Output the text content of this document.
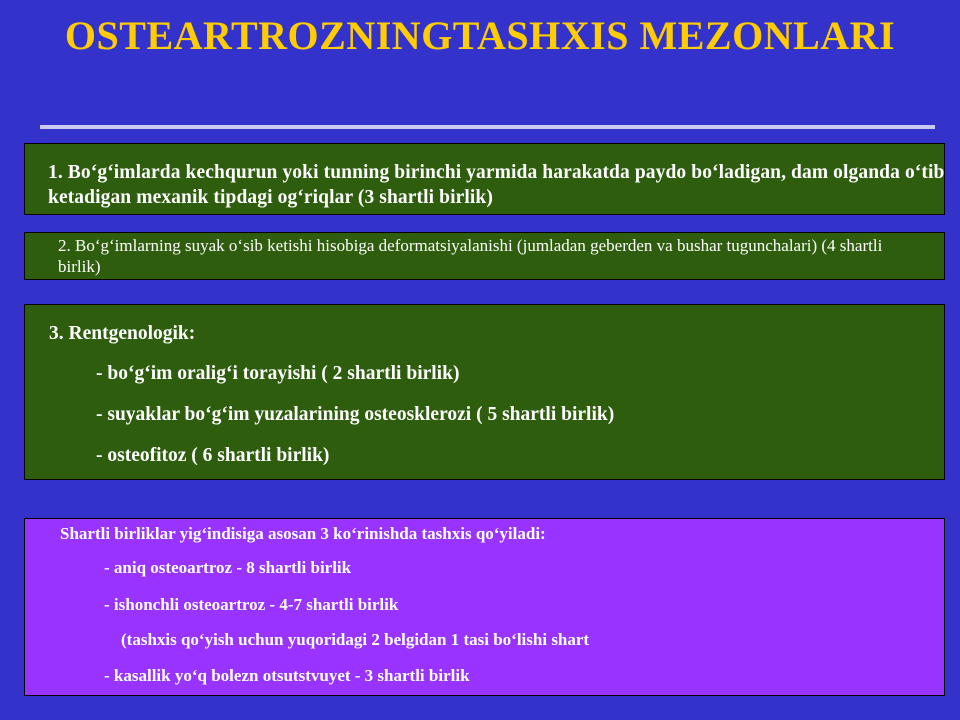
OSTEARTROZNINGTASHXIS MEZONLARI
1. Bo‘g‘imlarda kechqurun yoki tunning birinchi yarmida harakatda paydo bo‘ladigan, dam olganda o‘tib ketadigan mexanik tipdagi og‘riqlar (3 shartli birlik)
2. Bo‘g‘imlarning suyak o‘sib ketishi hisobiga deformatsiyalanishi (jumladan geberden va bushar tugunchalari) (4 shartli birlik)
3. Rentgenologik:
- bo‘g‘im oralig‘i torayishi ( 2 shartli birlik)
- suyaklar bo‘g‘im yuzalarining osteosklerozi ( 5 shartli birlik)
- osteofitoz ( 6 shartli birlik)
Shartli birliklar yig‘indisiga asosan 3 ko‘rinishda tashxis qo‘yiladi:
- aniq osteoartroz - 8 shartli birlik
- ishonchli osteoartroz - 4-7 shartli birlik
(tashxis qo‘yish uchun yuqoridagi 2 belgidan 1 tasi bo‘lishi shart
- kasallik yo‘q bolezn otsutstvuyet - 3 shartli birlik
